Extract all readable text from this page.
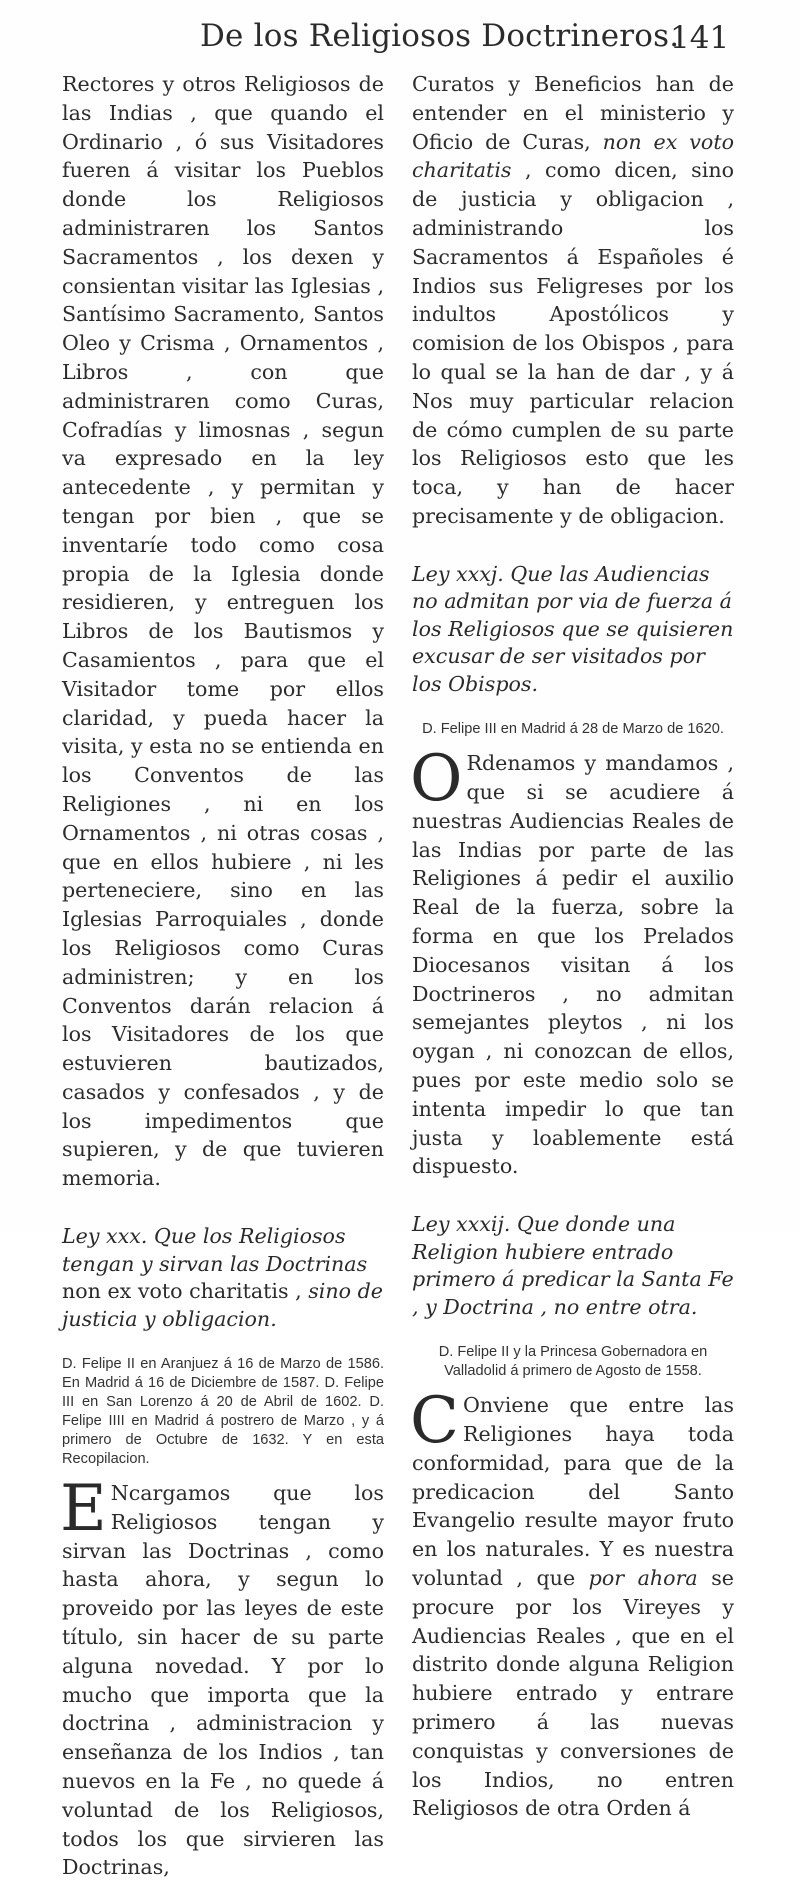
De los Religiosos Doctrineros.
141

Rectores y otros Religiosos de las Indias , que quando el Ordinario , ó sus Visitadores fueren á visitar los Pueblos donde los Religiosos administraren los Santos Sacramentos , los dexen y consientan visitar las Iglesias , Santísimo Sacramento, Santos Oleo y Crisma , Ornamentos , Libros , con que administraren como Curas, Cofradías y limosnas , segun va expresado en la ley antecedente , y permitan y tengan por bien , que se inventaríe todo como cosa propia de la Iglesia donde residieren, y entreguen los Libros de los Bautismos y Casamientos , para que el Visitador tome por ellos claridad, y pueda hacer la visita, y esta no se entienda en los Conventos de las Religiones , ni en los Ornamentos , ni otras cosas , que en ellos hubiere , ni les perteneciere, sino en las Iglesias Parroquiales , donde los Religiosos como Curas administren; y en los Conventos darán relacion á los Visitadores de los que estuvieren bautizados, casados y confesados , y de los impedimentos que supieren, y de que tuvieren memoria.

Ley xxx. Que los Religiosos tengan y sirvan las Doctrinas non ex voto charitatis , sino de justicia y obligacion.

D. Felipe II en Aranjuez á 16 de Marzo de 1586. En Madrid á 16 de Diciembre de 1587. D. Felipe III en San Lorenzo á 20 de Abril de 1602. D. Felipe IIII en Madrid á postrero de Marzo , y á primero de Octubre de 1632. Y en esta Recopilacion.

E Ncargamos que los Religiosos tengan y sirvan las Doctrinas , como hasta ahora, y segun lo proveido por las leyes de este título, sin hacer de su parte alguna novedad. Y por lo mucho que importa que la doctrina , administracion y enseñanza de los Indios , tan nuevos en la Fe , no quede á voluntad de los Religiosos, todos los que sirvieren las Doctrinas,

Curatos y Beneficios han de entender en el ministerio y Oficio de Curas, non ex voto charitatis , como dicen, sino de justicia y obligacion , administrando los Sacramentos á Españoles é Indios sus Feligreses por los indultos Apostólicos y comision de los Obispos , para lo qual se la han de dar , y á Nos muy particular relacion de cómo cumplen de su parte los Religiosos esto que les toca, y han de hacer precisamente y de obligacion.

Ley xxxj. Que las Audiencias no admitan por via de fuerza á los Religiosos que se quisieren excusar de ser visitados por los Obispos.

D. Felipe III en Madrid á 28 de Marzo de 1620.

O Rdenamos y mandamos , que si se acudiere á nuestras Audiencias Reales de las Indias por parte de las Religiones á pedir el auxilio Real de la fuerza, sobre la forma en que los Prelados Diocesanos visitan á los Doctrineros , no admitan semejantes pleytos , ni los oygan , ni conozcan de ellos, pues por este medio solo se intenta impedir lo que tan justa y loablemente está dispuesto.

Ley xxxij. Que donde una Religion hubiere entrado primero á predicar la Santa Fe , y Doctrina , no entre otra.

D. Felipe II y la Princesa Gobernadora en Valladolid á primero de Agosto de 1558.

C Onviene que entre las Religiones haya toda conformidad, para que de la predicacion del Santo Evangelio resulte mayor fruto en los naturales. Y es nuestra voluntad , que por ahora se procure por los Vireyes y Audiencias Reales , que en el distrito donde alguna Religion hubiere entrado y entrare primero á las nuevas conquistas y conversiones de los Indios, no entren Religiosos de otra Orden á
